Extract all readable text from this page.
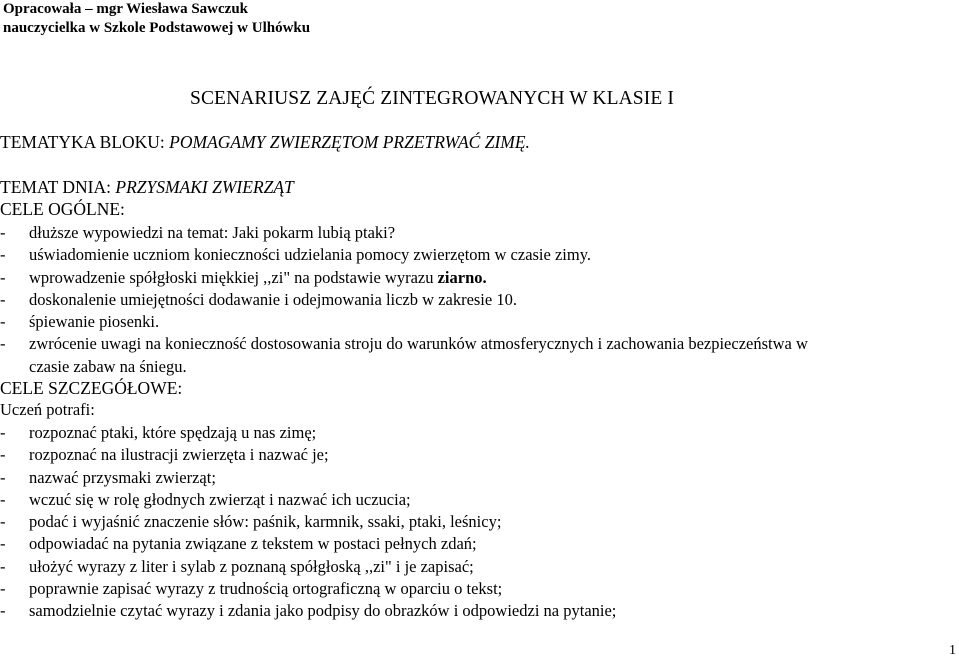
Opracowała – mgr Wiesława Sawczuk
nauczycielka w Szkole Podstawowej w Ulhówku
SCENARIUSZ ZAJĘĆ ZINTEGROWANYCH W KLASIE I
TEMATYKA BLOKU: POMAGAMY ZWIERZĘTOM PRZETRWAĆ ZIMĘ.
TEMAT DNIA: PRZYSMAKI ZWIERZĄT
CELE OGÓLNE:
- dłuższe wypowiedzi na temat: Jaki pokarm lubią ptaki?
- uświadomienie uczniom konieczności udzielania pomocy zwierzętom w czasie zimy.
- wprowadzenie spółgłoski miękkiej ,,zi" na podstawie wyrazu ziarno.
- doskonalenie umiejętności dodawanie i odejmowania liczb w zakresie 10.
- śpiewanie piosenki.
- zwrócenie uwagi na konieczność dostosowania stroju do warunków atmosferycznych i zachowania bezpieczeństwa w
czasie zabaw na śniegu.
CELE SZCZEGÓŁOWE:
Uczeń potrafi:
- rozpoznać ptaki, które spędzają u nas zimę;
- rozpoznać na ilustracji zwierzęta i nazwać je;
- nazwać przysmaki zwierząt;
- wczuć się w rolę głodnych zwierząt i nazwać ich uczucia;
- podać i wyjaśnić znaczenie słów: paśnik, karmnik, ssaki, ptaki, leśnicy;
- odpowiadać na pytania związane z tekstem w postaci pełnych zdań;
- ułożyć wyrazy z liter i sylab z poznaną spółgłoską ,,zi" i je zapisać;
- poprawnie zapisać wyrazy z trudnością ortograficzną w oparciu o tekst;
- samodzielnie czytać wyrazy i zdania jako podpisy do obrazków i odpowiedzi na pytanie;
1
